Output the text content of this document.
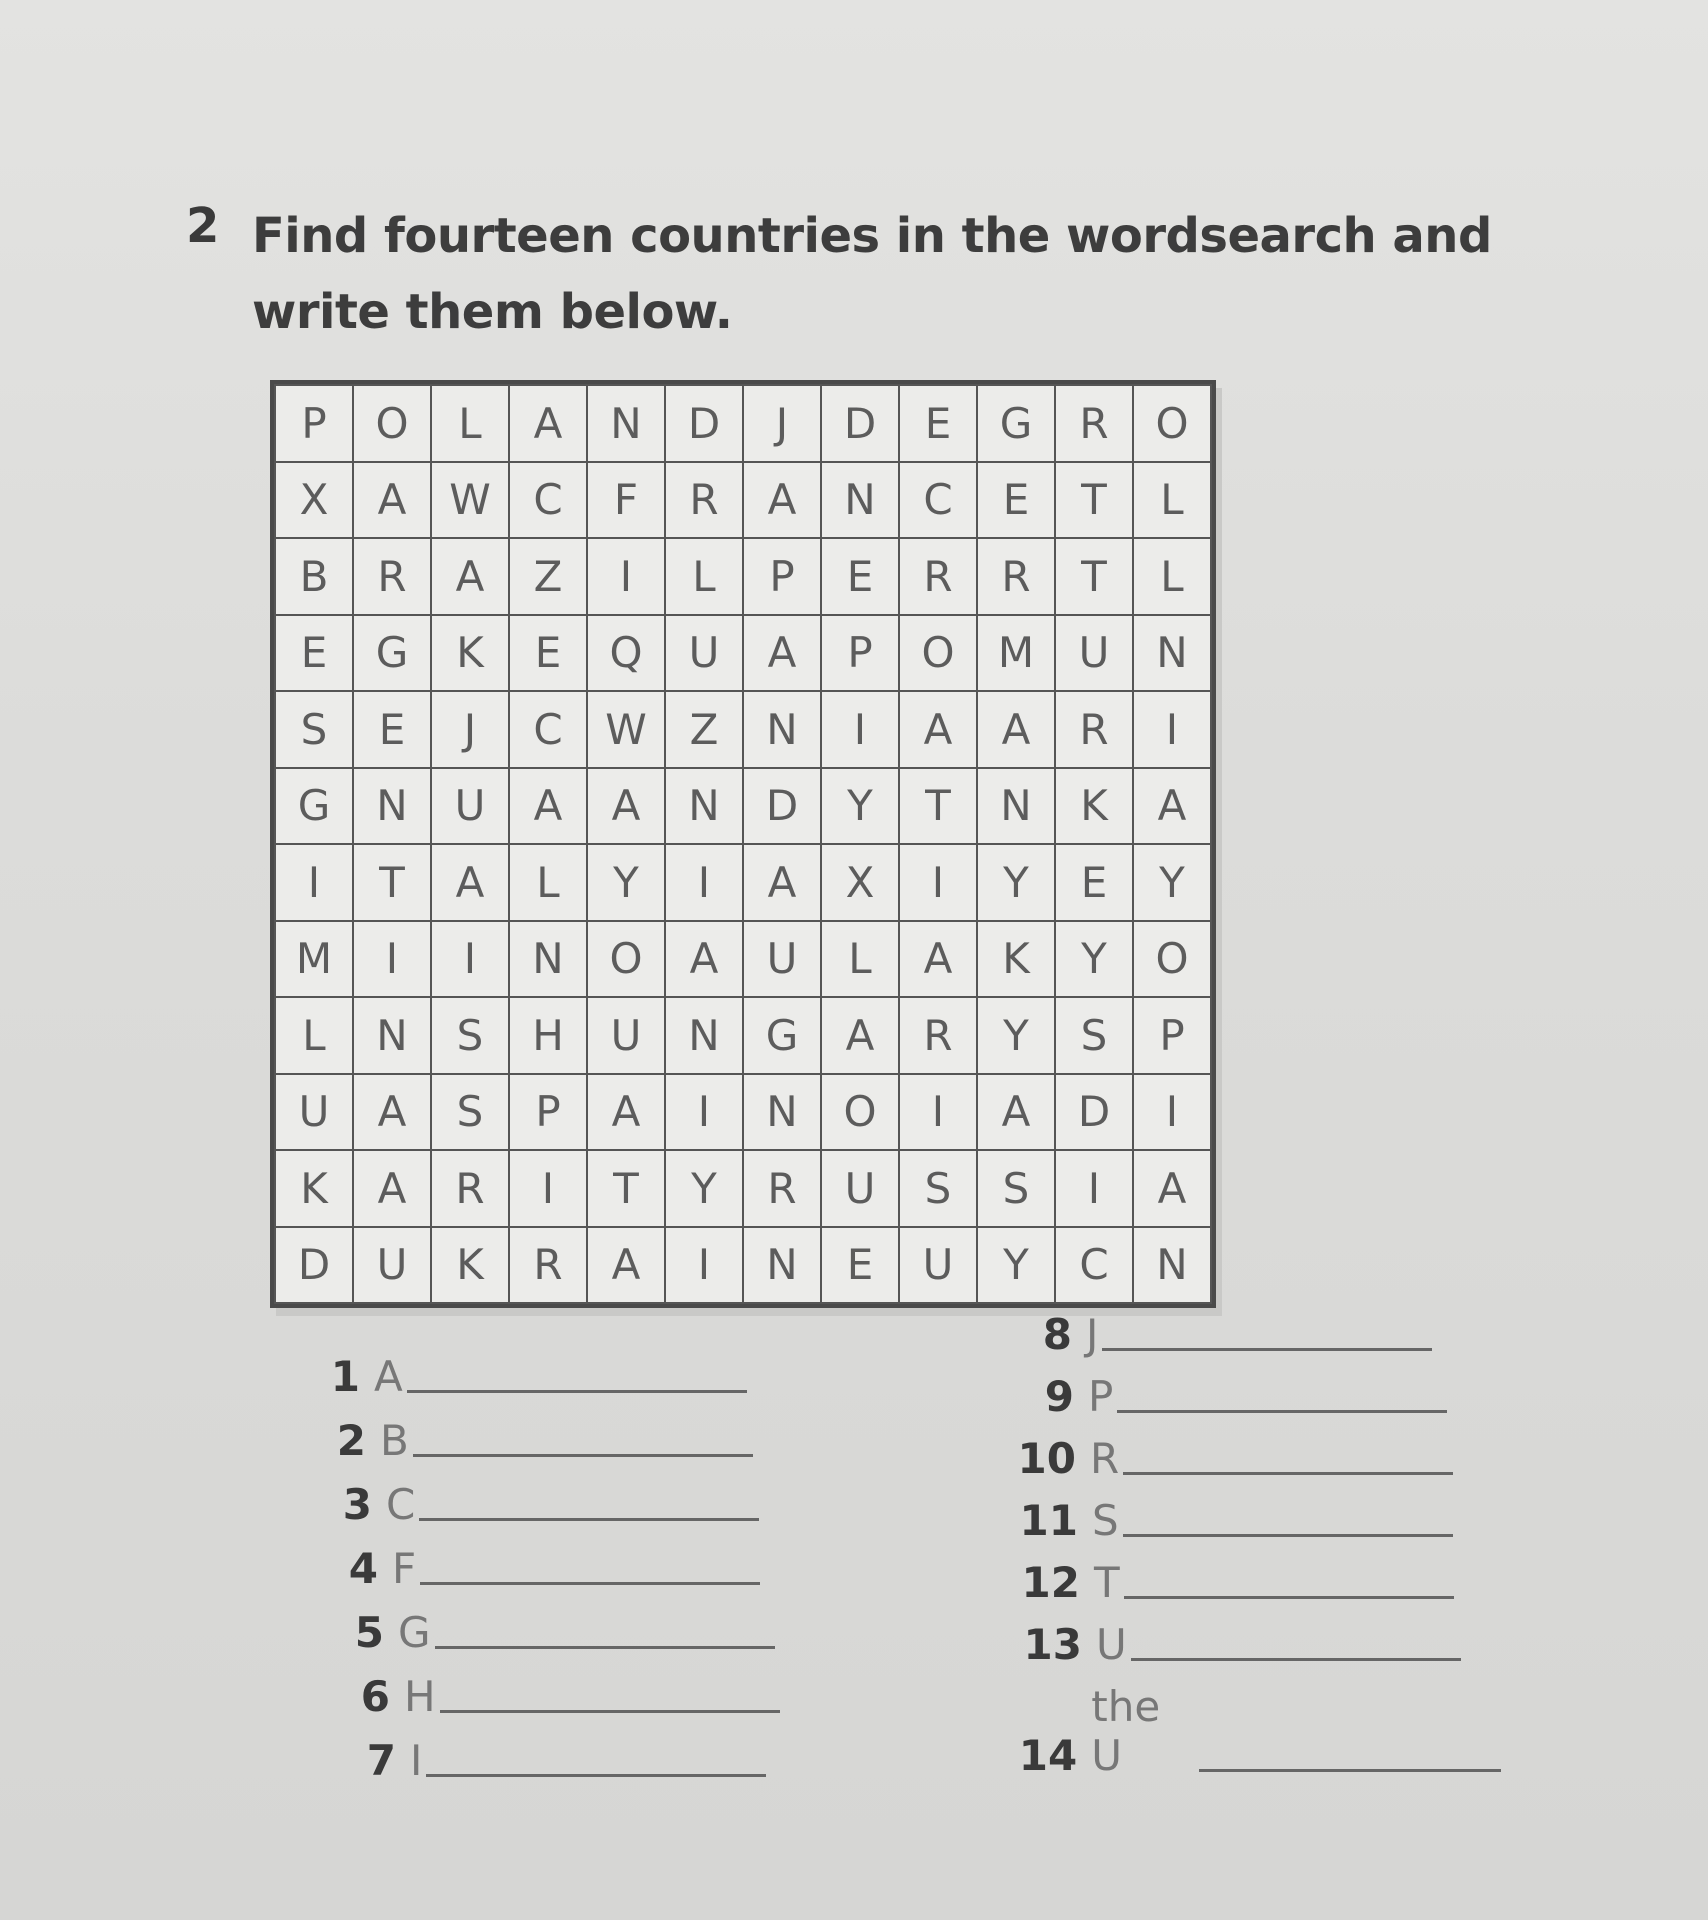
2 Find fourteen countries in the wordsearch and write them below.
P	O	L	A	N	D	J	D	E	G	R	O
X	A	W	C	F	R	A	N	C	E	T	L
B	R	A	Z	I	L	P	E	R	R	T	L
E	G	K	E	Q	U	A	P	O	M	U	N
S	E	J	C	W	Z	N	I	A	A	R	I
G	N	U	A	A	N	D	Y	T	N	K	A
I	T	A	L	Y	I	A	X	I	Y	E	Y
M	I	I	N	O	A	U	L	A	K	Y	O
L	N	S	H	U	N	G	A	R	Y	S	P
U	A	S	P	A	I	N	O	I	A	D	I
K	A	R	I	T	Y	R	U	S	S	I	A
D	U	K	R	A	I	N	E	U	Y	C	N
1 A
2 B
3 C
4 F
5 G
6 H
7 I
8 J
9 P
10 R
11 S
12 T
13 U
14
the U
